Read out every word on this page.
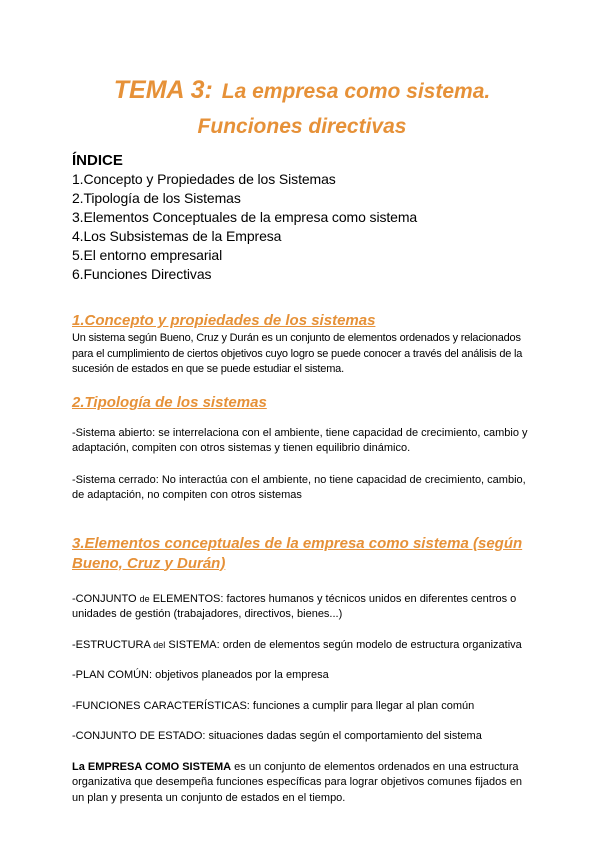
TEMA 3: La empresa como sistema.
Funciones directivas
ÍNDICE
1.Concepto y Propiedades de los Sistemas
2.Tipología de los Sistemas
3.Elementos Conceptuales de la empresa como sistema
4.Los Subsistemas de la Empresa
5.El entorno empresarial
6.Funciones Directivas
1.Concepto y propiedades de los sistemas

Un sistema según Bueno, Cruz y Durán es un conjunto de elementos ordenados y relacionados para el cumplimiento de ciertos objetivos cuyo logro se puede conocer a través del análisis de la sucesión de estados en que se puede estudiar el sistema.

2.Tipología de los sistemas

-Sistema abierto: se interrelaciona con el ambiente, tiene capacidad de crecimiento, cambio y adaptación, compiten con otros sistemas y tienen equilibrio dinámico.

-Sistema cerrado: No interactúa con el ambiente, no tiene capacidad de crecimiento, cambio, de adaptación, no compiten con otros sistemas

3.Elementos conceptuales de la empresa como sistema (según Bueno, Cruz y Durán)

-CONJUNTO de ELEMENTOS: factores humanos y técnicos unidos en diferentes centros o unidades de gestión (trabajadores, directivos, bienes...)

-ESTRUCTURA del SISTEMA: orden de elementos según modelo de estructura organizativa

-PLAN COMÚN: objetivos planeados por la empresa

-FUNCIONES CARACTERÍSTICAS: funciones a cumplir para llegar al plan común

-CONJUNTO DE ESTADO: situaciones dadas según el comportamiento del sistema

La EMPRESA COMO SISTEMA es un conjunto de elementos ordenados en una estructura organizativa que desempeña funciones específicas para lograr objetivos comunes fijados en un plan y presenta un conjunto de estados en el tiempo.
